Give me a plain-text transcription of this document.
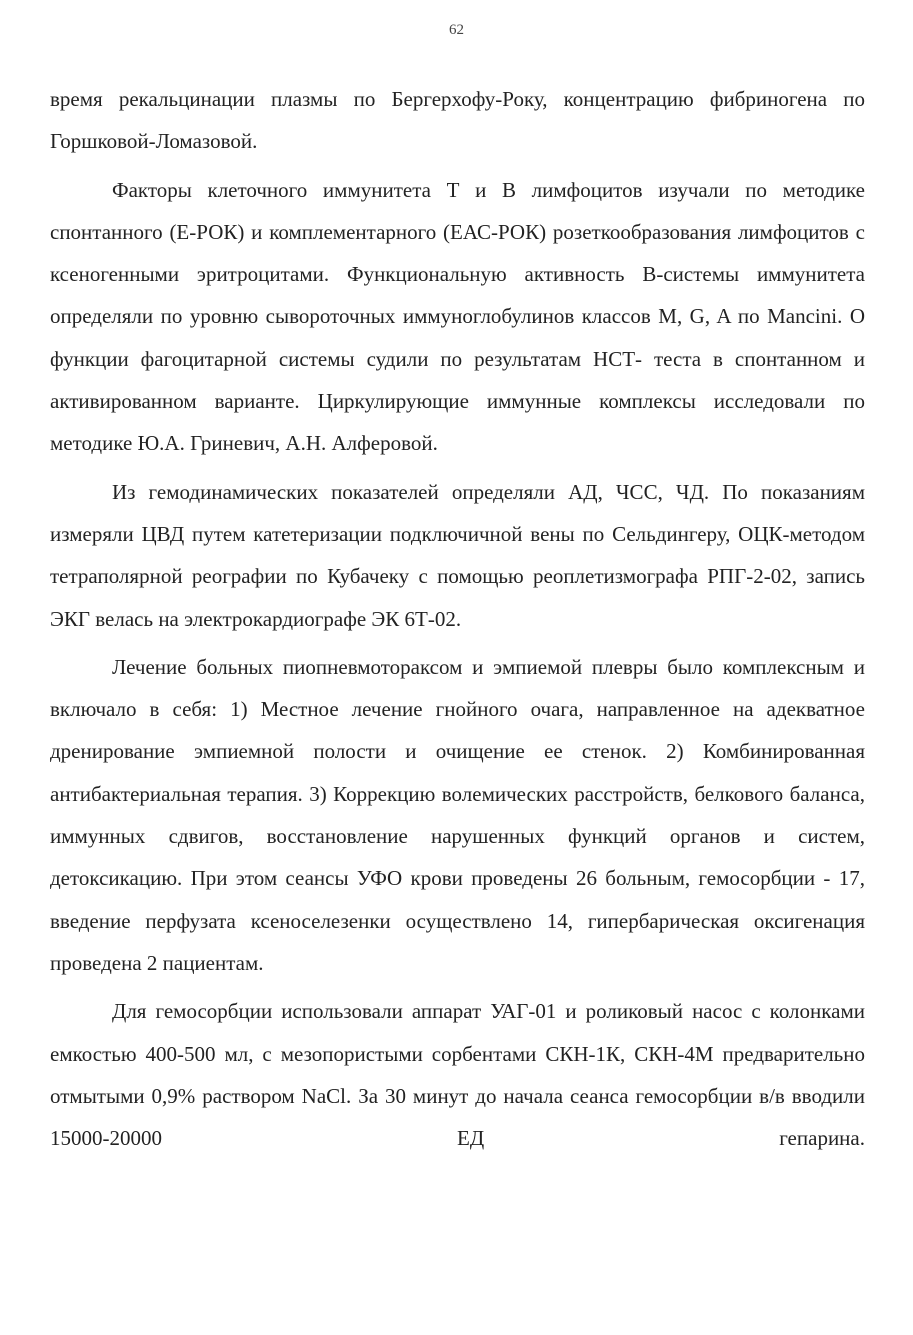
62

время рекальцинации плазмы по Бергерхофу-Року, концентрацию фибриногена по Горшковой-Ломазовой.

Факторы клеточного иммунитета Т и В лимфоцитов изучали по методике спонтанного (Е-РОК) и комплементарного (ЕАС-РОК) розеткообразования лимфоцитов с ксеногенными эритроцитами. Функциональную активность В-системы иммунитета определяли по уровню сывороточных иммуноглобулинов классов M, G, A по Mancini. О функции фагоцитарной системы судили по результатам НСТ- теста в спонтанном и активированном варианте. Циркулирующие иммунные комплексы исследовали по методике Ю.А. Гриневич, А.Н. Алферовой.

Из гемодинамических показателей определяли АД, ЧСС, ЧД. По показаниям измеряли ЦВД путем катетеризации подключичной вены по Сельдингеру, ОЦК-методом тетраполярной реографии по Кубачеку с помощью реоплетизмографа РПГ-2-02, запись ЭКГ велась на электрокардиографе ЭК 6Т-02.

Лечение больных пиопневмотораксом и эмпиемой плевры было комплексным и включало в себя: 1) Местное лечение гнойного очага, направленное на адекватное дренирование эмпиемной полости и очищение ее стенок. 2) Комбинированная антибактериальная терапия. 3) Коррекцию волемических расстройств, белкового баланса, иммунных сдвигов, восстановление нарушенных функций органов и систем, детоксикацию. При этом сеансы УФО крови проведены 26 больным, гемосорбции - 17, введение перфузата ксеноселезенки осуществлено 14, гипербарическая оксигенация проведена 2 пациентам.

Для гемосорбции использовали аппарат УАГ-01 и роликовый насос с колонками емкостью 400-500 мл, с мезопористыми сорбентами СКН-1К, СКН-4М предварительно отмытыми 0,9% раствором NaCl. За 30 минут до начала сеанса гемосорбции в/в вводили 15000-20000 ЕД гепарина.
